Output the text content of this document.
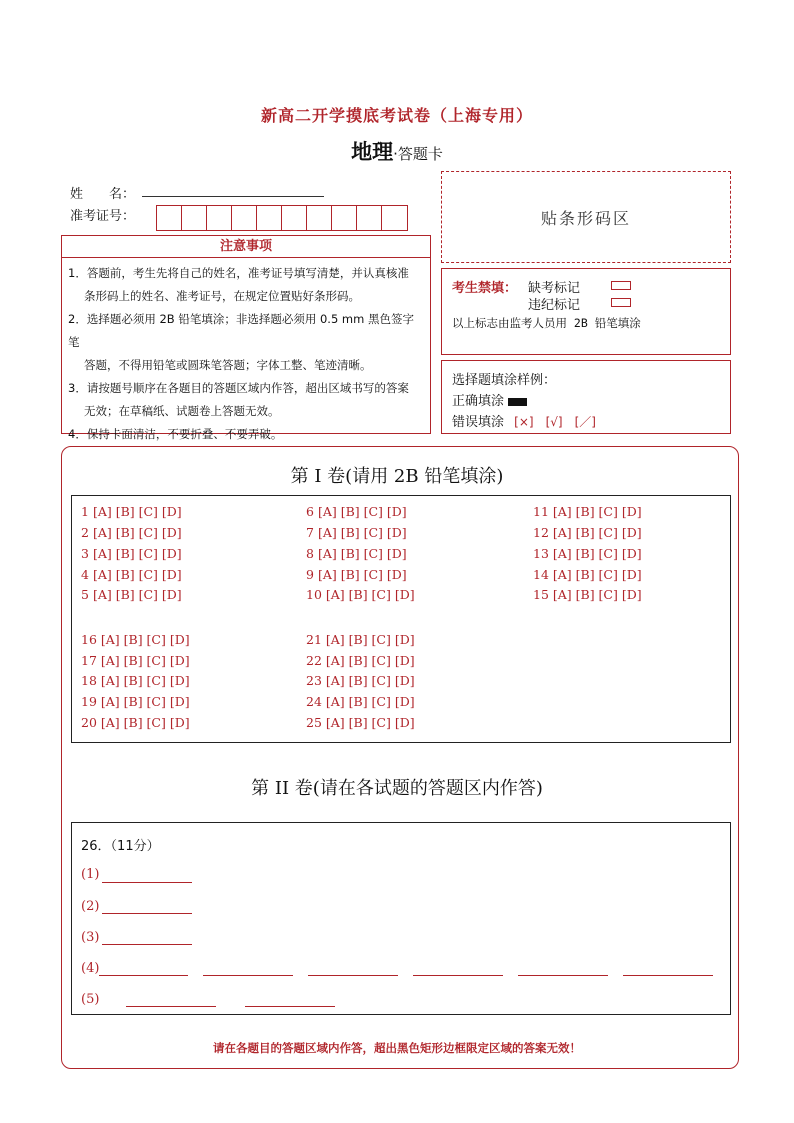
新高二开学摸底考试卷（上海专用）
地理·答题卡
姓　　名：
准考证号：	贴条形码区
注意事项
1．答题前，考生先将自己的姓名，准考证号填写清楚，并认真核准
条形码上的姓名、准考证号，在规定位置贴好条形码。
2．选择题必须用 2B 铅笔填涂；非选择题必须用 0.5 mm 黑色签字笔
答题，不得用铅笔或圆珠笔答题；字体工整、笔迹清晰。
3．请按题号顺序在各题目的答题区域内作答，超出区域书写的答案
无效；在草稿纸、试题卷上答题无效。
4．保持卡面清洁，不要折叠、不要弄破。
考生禁填： 缺考标记
违纪标记
以上标志由监考人员用 2B 铅笔填涂
选择题填涂样例：
正确填涂
错误填涂 [×]　[√]　[／]
第 I 卷(请用 2B 铅笔填涂)
1 [A] [B] [C] [D]
2 [A] [B] [C] [D]
3 [A] [B] [C] [D]
4 [A] [B] [C] [D]
5 [A] [B] [C] [D]
6 [A] [B] [C] [D]
7 [A] [B] [C] [D]
8 [A] [B] [C] [D]
9 [A] [B] [C] [D]
10 [A] [B] [C] [D]
11 [A] [B] [C] [D]
12 [A] [B] [C] [D]
13 [A] [B] [C] [D]
14 [A] [B] [C] [D]
15 [A] [B] [C] [D]
16 [A] [B] [C] [D]
17 [A] [B] [C] [D]
18 [A] [B] [C] [D]
19 [A] [B] [C] [D]
20 [A] [B] [C] [D]
21 [A] [B] [C] [D]
22 [A] [B] [C] [D]
23 [A] [B] [C] [D]
24 [A] [B] [C] [D]
25 [A] [B] [C] [D]
第 II 卷(请在各试题的答题区内作答)
26．（11分）
(1)
(2)
(3)
(4)
(5)
请在各题目的答题区域内作答，超出黑色矩形边框限定区域的答案无效！
